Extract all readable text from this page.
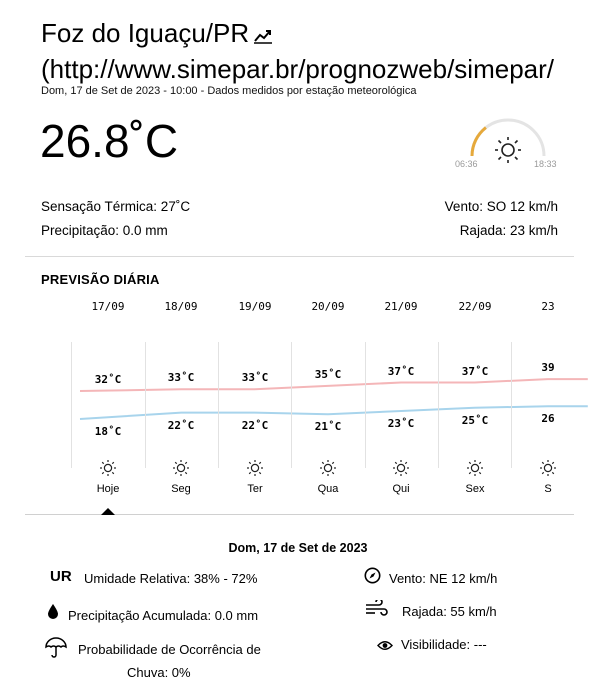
Foz do Iguaçu/PR
(http://www.simepar.br/prognozweb/simepar/
Dom, 17 de Set de 2023 - 10:00 - Dados medidos por estação meteorológica
26.8˚C	06:36	18:33
Sensação Térmica: 27˚C
Precipitação: 0.0 mm
Vento: SO 12 km/h
Rajada: 23 km/h
PREVISÃO DIÁRIA
17/09
32˚C
18˚C
Hoje
18/09
33˚C
22˚C
Seg
19/09
33˚C
22˚C
Ter
20/09
35˚C
21˚C
Qua
21/09
37˚C
23˚C
Qui
22/09
37˚C
25˚C
Sex
23
39
26
S
Dom, 17 de Set de 2023
UR Umidade Relativa: 38% - 72%
Precipitação Acumulada: 0.0 mm
Probabilidade de Ocorrência de
Chuva: 0%
Vento: NE 12 km/h
Rajada: 55 km/h
Visibilidade: ---
